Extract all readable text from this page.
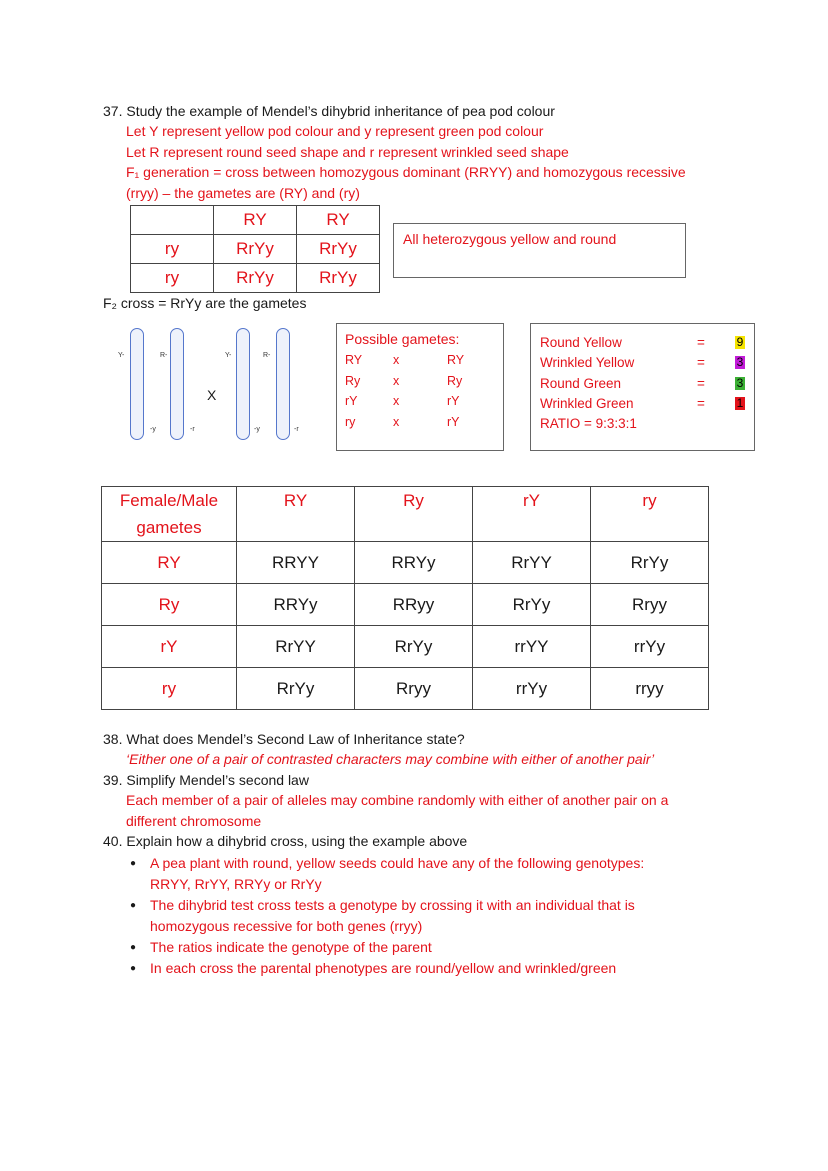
37. Study the example of Mendel’s dihybrid inheritance of pea pod colour
Let Y represent yellow pod colour and y represent green pod colour
Let R represent round seed shape and r represent wrinkled seed shape
F₁ generation = cross between homozygous dominant (RRYY) and homozygous recessive
(rryy) – the gametes are (RY) and (ry)
	RY	RY
ry	RrYy	RrYy
ry	RrYy	RrYy
All heterozygous yellow and round
F₂ cross = RrYy are the gametes
Y-	R-	Y-	R-
-y	-r	-y	-r
X
Possible gametes:
RY	x	RY
Ry	x	Ry
rY	x	rY
ry	x	rY
Round Yellow	=	9
Wrinkled Yellow	=	3
Round Green	=	3
Wrinkled Green	=	1
RATIO = 9:3:3:1
Female/Male
gametes	RY	Ry	rY	ry
RY	RRYY	RRYy	RrYY	RrYy
Ry	RRYy	RRyy	RrYy	Rryy
rY	RrYY	RrYy	rrYY	rrYy
ry	RrYy	Rryy	rrYy	rryy
38. What does Mendel’s Second Law of Inheritance state?
‘Either one of a pair of contrasted characters may combine with either of another pair’
39. Simplify Mendel’s second law
Each member of a pair of alleles may combine randomly with either of another pair on a
different chromosome
40. Explain how a dihybrid cross, using the example above
● A pea plant with round, yellow seeds could have any of the following genotypes:
RRYY, RrYY, RRYy or RrYy
● The dihybrid test cross tests a genotype by crossing it with an individual that is
homozygous recessive for both genes (rryy)
● The ratios indicate the genotype of the parent
● In each cross the parental phenotypes are round/yellow and wrinkled/green
